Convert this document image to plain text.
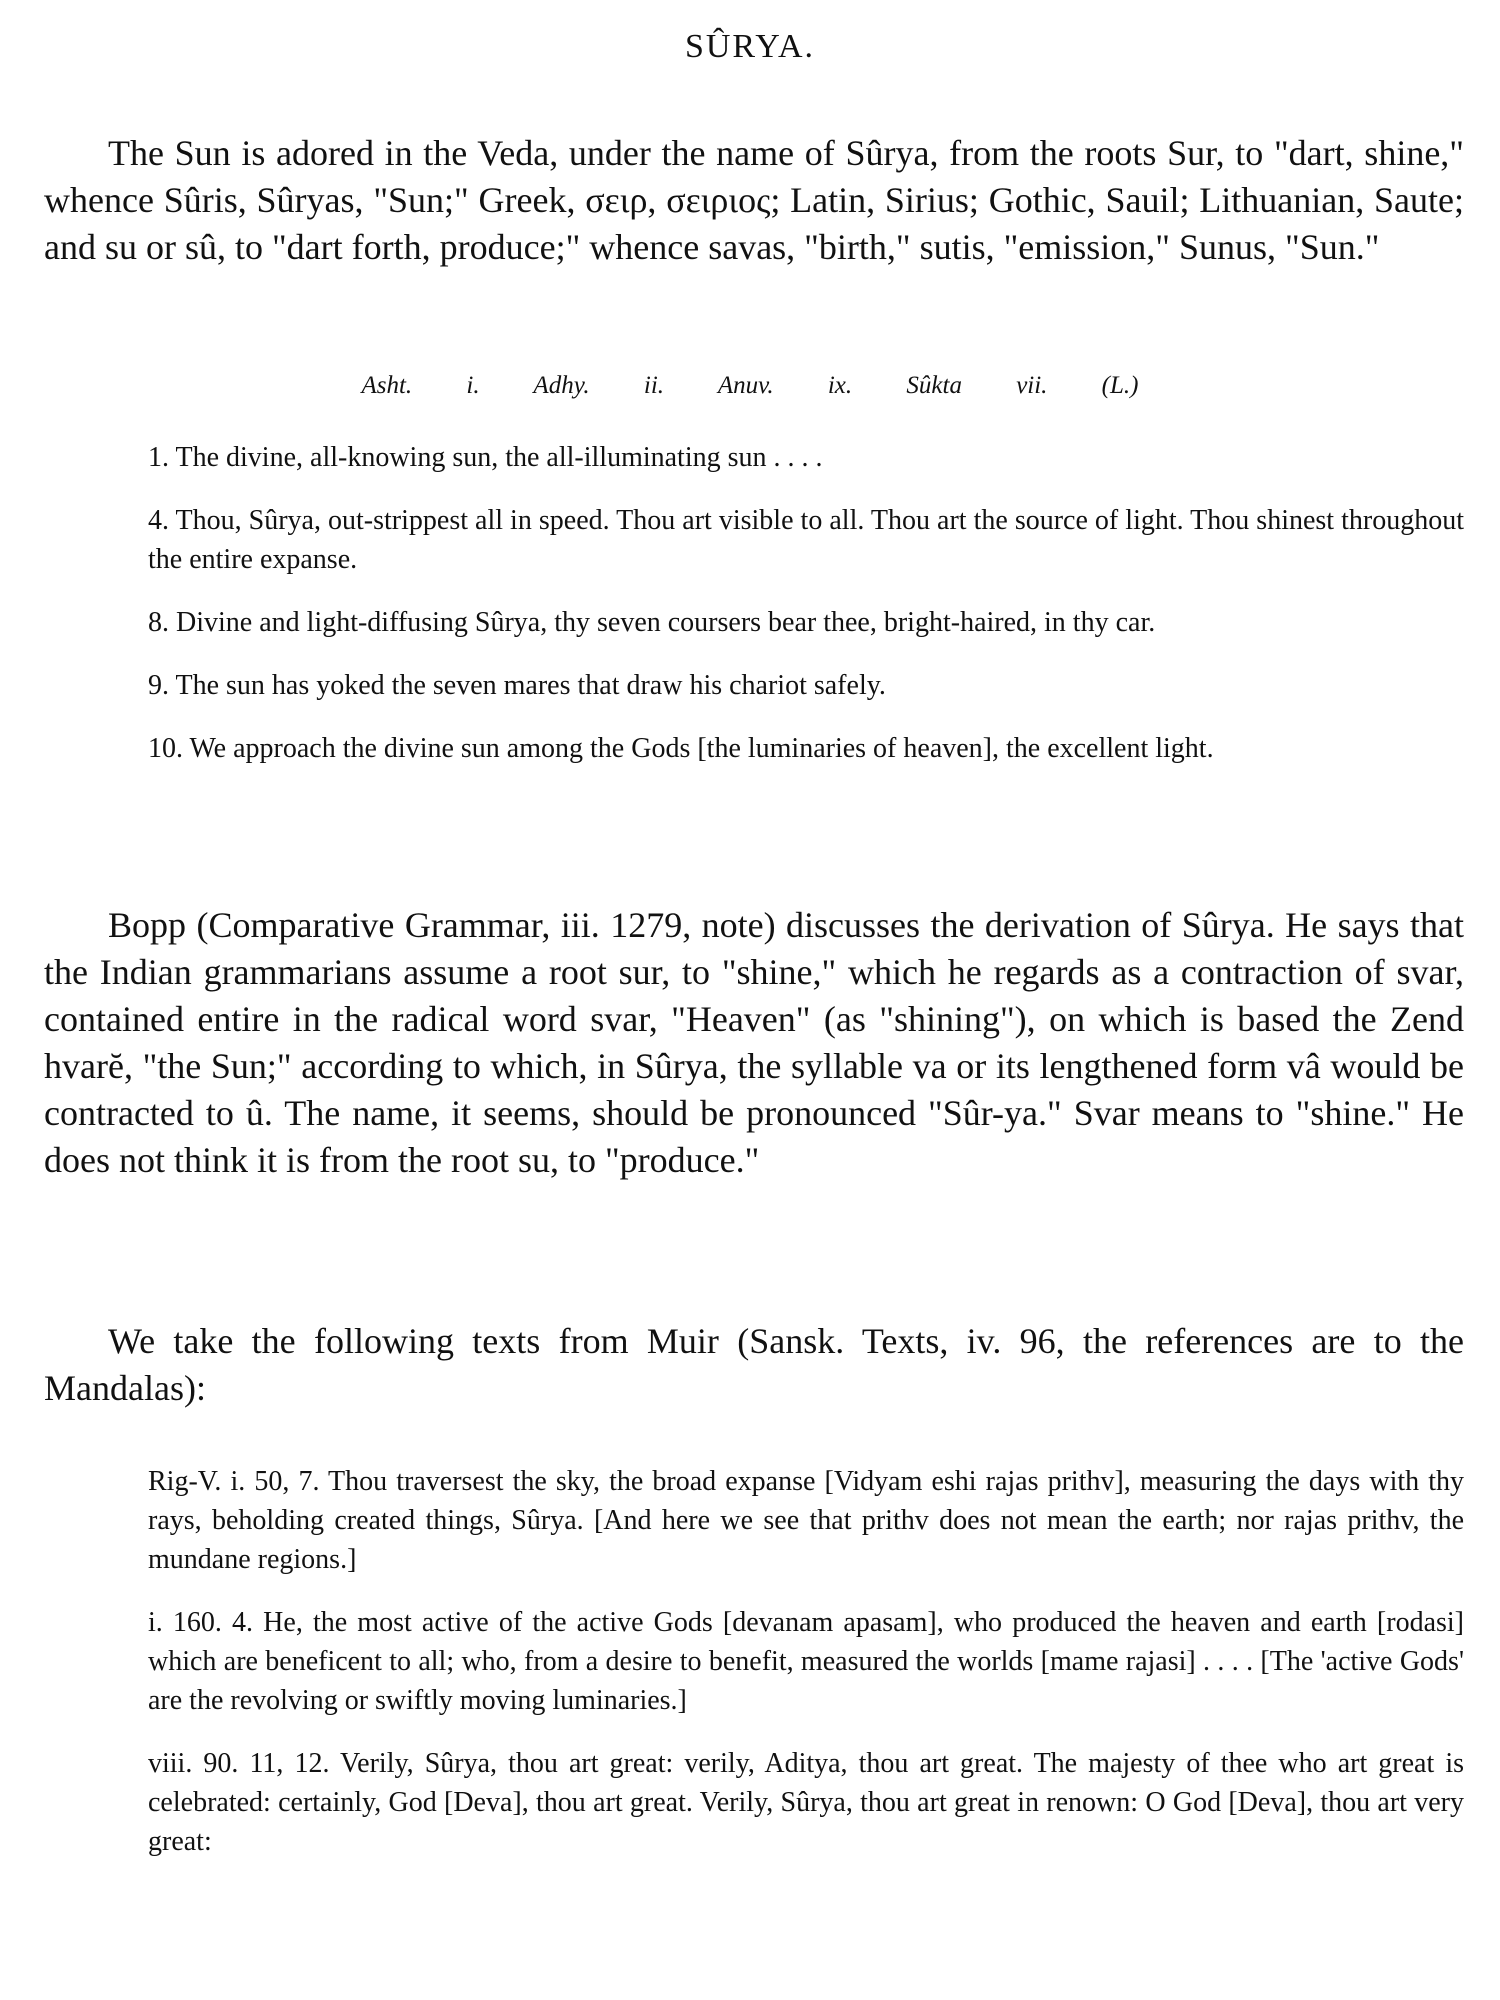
SÛRYA.

The Sun is adored in the Veda, under the name of Sûrya, from the roots Sur, to "dart, shine," whence Sûris, Sûryas, "Sun;" Greek, σειρ, σειριος; Latin, Sirius; Gothic, Sauil; Lithuanian, Saute; and su or sû, to "dart forth, produce;" whence savas, "birth," sutis, "emission," Sunus, "Sun."

Asht. i. Adhy. ii. Anuv. ix. Sûkta vii. (L.)

1. The divine, all-knowing sun, the all-illuminating sun . . . .

4. Thou, Sûrya, out-strippest all in speed. Thou art visible to all. Thou art the source of light. Thou shinest throughout the entire expanse.

8. Divine and light-diffusing Sûrya, thy seven coursers bear thee, bright-haired, in thy car.

9. The sun has yoked the seven mares that draw his chariot safely.

10. We approach the divine sun among the Gods [the luminaries of heaven], the excellent light.

Bopp (Comparative Grammar, iii. 1279, note) discusses the derivation of Sûrya. He says that the Indian grammarians assume a root sur, to "shine," which he regards as a contraction of svar, contained entire in the radical word svar, "Heaven" (as "shining"), on which is based the Zend hvarĕ, "the Sun;" according to which, in Sûrya, the syllable va or its lengthened form vâ would be contracted to û. The name, it seems, should be pronounced "Sûr-ya." Svar means to "shine." He does not think it is from the root su, to "produce."

We take the following texts from Muir (Sansk. Texts, iv. 96, the references are to the Mandalas):

Rig-V. i. 50, 7. Thou traversest the sky, the broad expanse [Vidyam eshi rajas prithv], measuring the days with thy rays, beholding created things, Sûrya. [And here we see that prithv does not mean the earth; nor rajas prithv, the mundane regions.]

i. 160. 4. He, the most active of the active Gods [devanam apasam], who produced the heaven and earth [rodasi] which are beneficent to all; who, from a desire to benefit, measured the worlds [mame rajasi] . . . . [The 'active Gods' are the revolving or swiftly moving luminaries.]

viii. 90. 11, 12. Verily, Sûrya, thou art great: verily, Aditya, thou art great. The majesty of thee who art great is celebrated: certainly, God [Deva], thou art great. Verily, Sûrya, thou art great in renown: O God [Deva], thou art very great:
